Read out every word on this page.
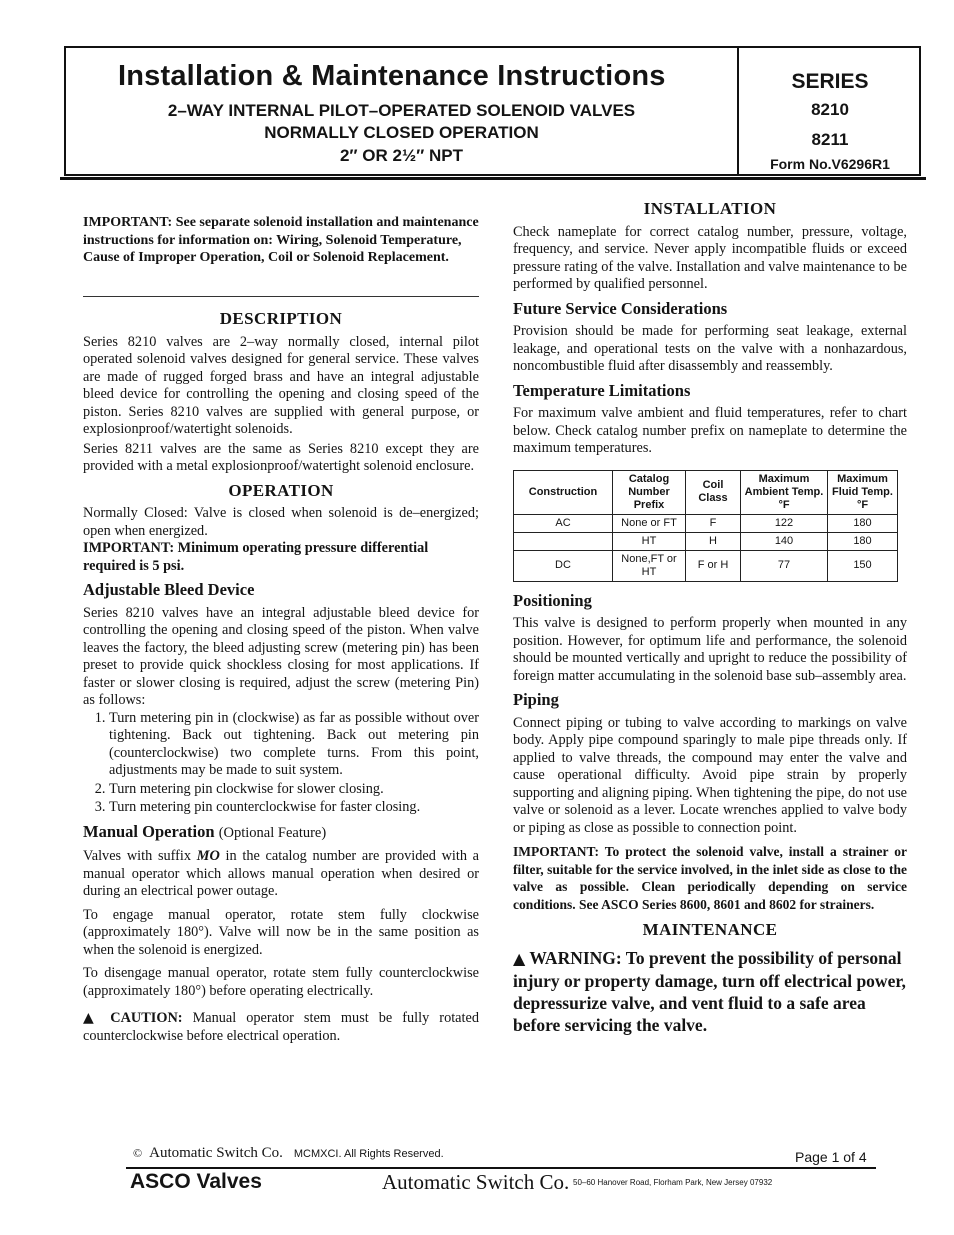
Installation & Maintenance Instructions
2–WAY INTERNAL PILOT–OPERATED SOLENOID VALVES
NORMALLY CLOSED OPERATION
2″ OR 2½″ NPT
SERIES
8210
8211
Form No.V6296R1

IMPORTANT: See separate solenoid installation and maintenance instructions for information on: Wiring, Solenoid Temperature, Cause of Improper Operation, Coil or Solenoid Replacement.

DESCRIPTION

Series 8210 valves are 2–way normally closed, internal pilot operated solenoid valves designed for general service. These valves are made of rugged forged brass and have an integral adjustable bleed device for controlling the opening and closing speed of the piston. Series 8210 valves are supplied with general purpose, or explosionproof/watertight solenoids.

Series 8211 valves are the same as Series 8210 except they are provided with a metal explosionproof/watertight solenoid enclosure.

OPERATION

Normally Closed: Valve is closed when solenoid is de–energized; open when energized.

IMPORTANT: Minimum operating pressure differential required is 5 psi.

Adjustable Bleed Device

Series 8210 valves have an integral adjustable bleed device for controlling the opening and closing speed of the piston. When valve leaves the factory, the bleed adjusting screw (metering pin) has been preset to provide quick shockless closing for most applications. If faster or slower closing is required, adjust the screw (metering Pin) as follows:

1. Turn metering pin in (clockwise) as far as possible without over tightening. Back out tightening. Back out metering pin (counterclockwise) two complete turns. From this point, adjustments may be made to suit system.
2. Turn metering pin clockwise for slower closing.
3. Turn metering pin counterclockwise for faster closing.

Manual Operation (Optional Feature)

Valves with suffix MO in the catalog number are provided with a manual operator which allows manual operation when desired or during an electrical power outage.

To engage manual operator, rotate stem fully clockwise (approximately 180°). Valve will now be in the same position as when the solenoid is energized.

To disengage manual operator, rotate stem fully counterclockwise (approximately 180°) before operating electrically.

▲ CAUTION: Manual operator stem must be fully rotated counterclockwise before electrical operation.

INSTALLATION

Check nameplate for correct catalog number, pressure, voltage, frequency, and service. Never apply incompatible fluids or exceed pressure rating of the valve. Installation and valve maintenance to be performed by qualified personnel.

Future Service Considerations

Provision should be made for performing seat leakage, external leakage, and operational tests on the valve with a nonhazardous, noncombustible fluid after disassembly and reassembly.

Temperature Limitations

For maximum valve ambient and fluid temperatures, refer to chart below. Check catalog number prefix on nameplate to determine the maximum temperatures.

Construction	Catalog Number Prefix	Coil Class	Maximum Ambient Temp.°F	Maximum Fluid Temp.°F
AC	None or FT	F	122	180
	HT	H	140	180
DC	None,FT or HT	F or H	77	150

Positioning

This valve is designed to perform properly when mounted in any position. However, for optimum life and performance, the solenoid should be mounted vertically and upright to reduce the possibility of foreign matter accumulating in the solenoid base sub–assembly area.

Piping

Connect piping or tubing to valve according to markings on valve body. Apply pipe compound sparingly to male pipe threads only. If applied to valve threads, the compound may enter the valve and cause operational difficulty. Avoid pipe strain by properly supporting and aligning piping. When tightening the pipe, do not use valve or solenoid as a lever. Locate wrenches applied to valve body or piping as close as possible to connection point.

IMPORTANT: To protect the solenoid valve, install a strainer or filter, suitable for the service involved, in the inlet side as close to the valve as possible. Clean periodically depending on service conditions. See ASCO Series 8600, 8601 and 8602 for strainers.

MAINTENANCE

▲ WARNING: To prevent the possibility of personal injury or property damage, turn off electrical power, depressurize valve, and vent fluid to a safe area before servicing the valve.

© Automatic Switch Co. MCMXCI. All Rights Reserved.	Page 1 of 4
ASCO Valves	Automatic Switch Co. 50–60 Hanover Road, Florham Park, New Jersey 07932
